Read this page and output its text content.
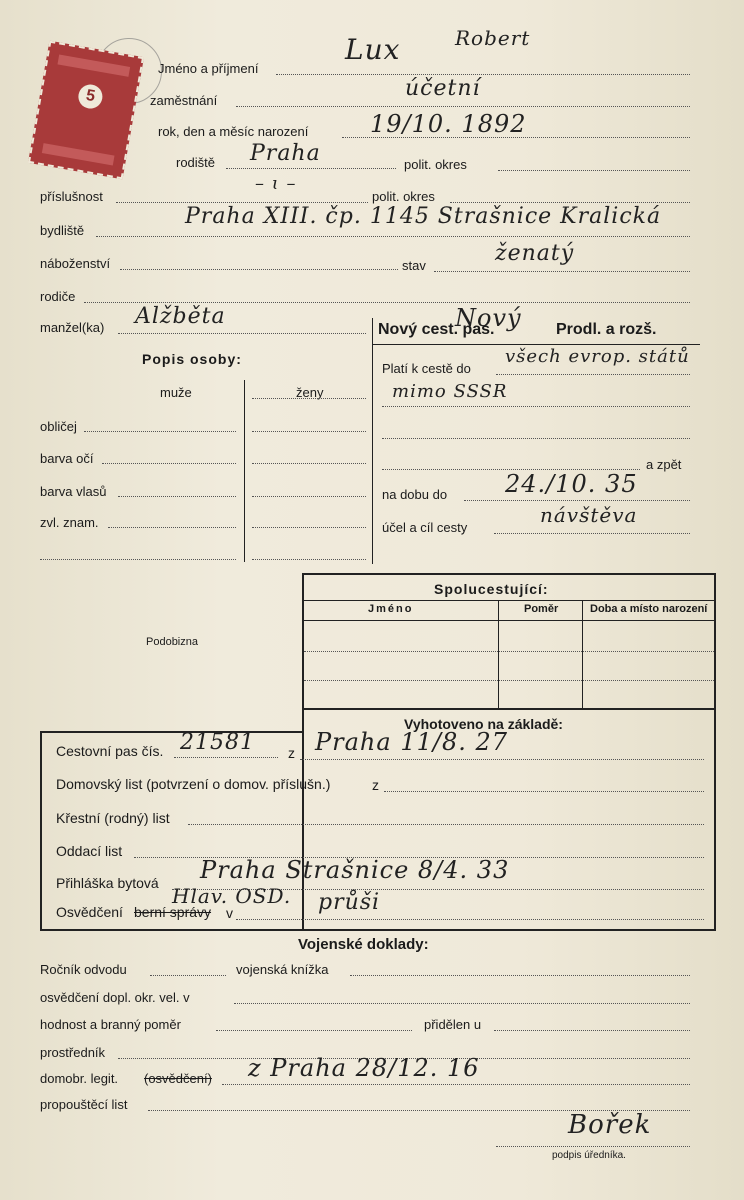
5
Jméno a příjmení
Lux	Robert
zaměstnání	účetní
rok, den a měsíc narození	19/10. 1892
rodiště Praha	polit. okres
příslušnost
– ɩ –
polit. okres
bydliště
Praha XIII. čp. 1145 Strašnice Kralická
náboženství	stav	ženatý
rodiče
manžel(ka) Alžběta
Popis osoby:
muže	ženy
obličej
barva očí
barva vlasů
zvl. znam.
Podobizna
Nový cest. pas.
Nový Prodl. a rozš.
Platí k cestě do
všech evrop. států
mimo SSSR
a zpět
na dobu do 24./10. 35
účel a cíl cesty
návštěva
Spolucestující:
Jméno	Poměr	Doba a místo narození
Vyhotoveno na základě:
Cestovní pas čís. 21581 z Praha 11/8. 27
Domovský list (potvrzení o domov. příslušn.)	z
Křestní (rodný) list
Oddací list
Přihláška bytová Praha Strašnice 8/4. 33
Osvědčení berní správy v
Hlav. OSD. průši
Vojenské doklady:
Ročník odvodu	vojenská knížka
osvědčení dopl. okr. vel. v
hodnost a branný poměr	přidělen u
prostředník
domobr. legit. (osvědčení) z Praha 28/12. 16
propouštěcí list
Bořek
podpis úředníka.
